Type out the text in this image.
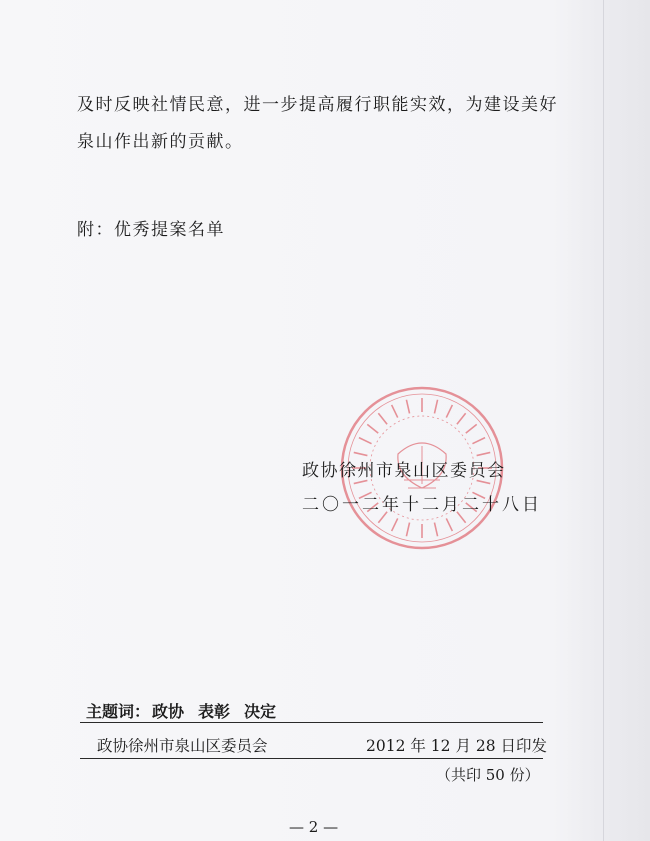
及时反映社情民意，进一步提高履行职能实效，为建设美好
泉山作出新的贡献。
附：优秀提案名单
政协徐州市泉山区委员会
二〇一二年十二月二十八日
主题词： 政协 表彰 决定
政协徐州市泉山区委员会	2012 年 12 月 28 日印发
（共印 50 份）
— 2 —
